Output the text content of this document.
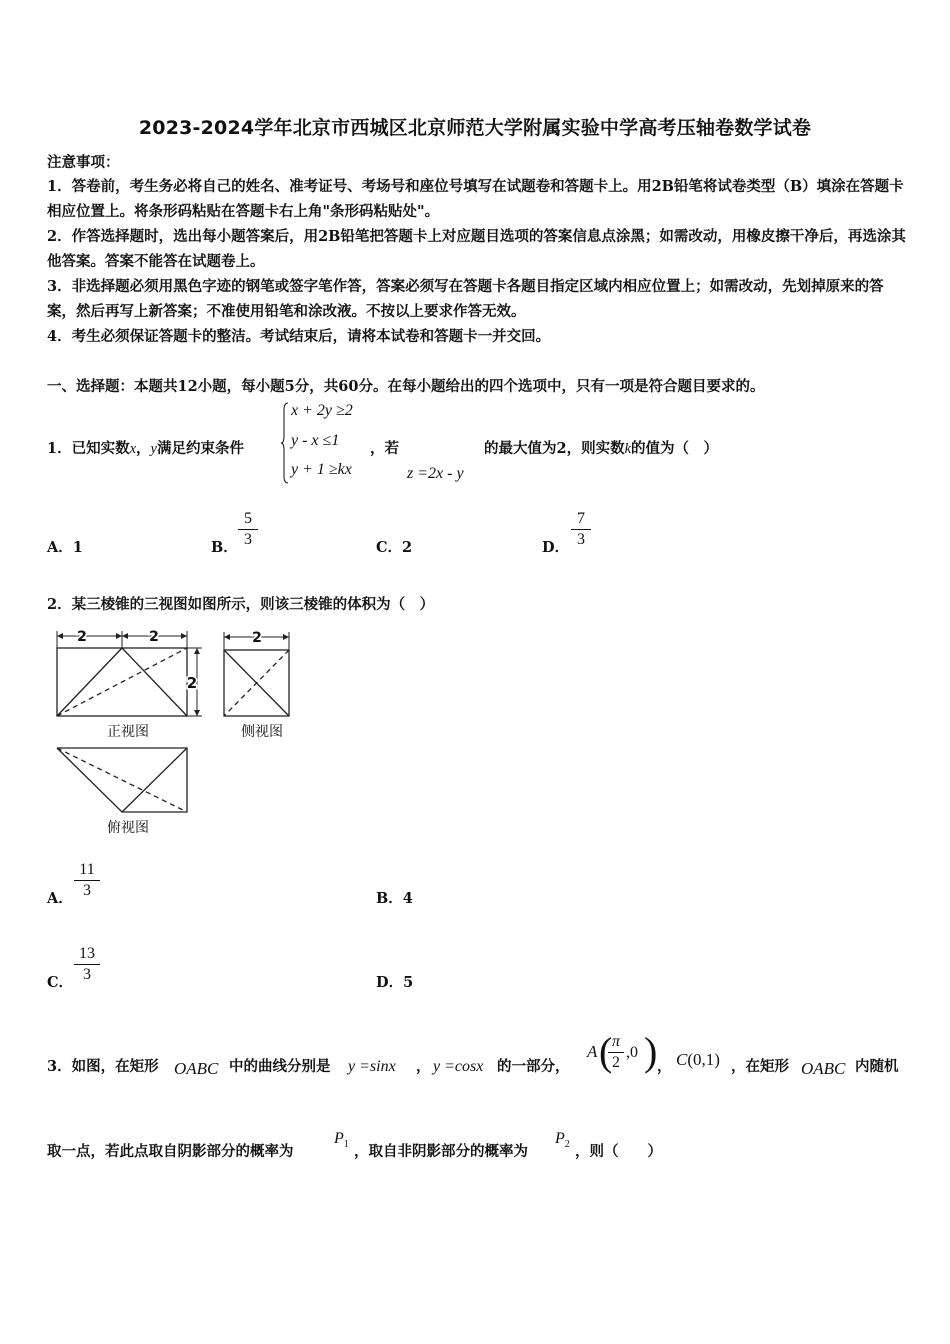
2023-2024学年北京市西城区北京师范大学附属实验中学高考压轴卷数学试卷
注意事项：
1．答卷前，考生务必将自己的姓名、准考证号、考场号和座位号填写在试题卷和答题卡上。用2B铅笔将试卷类型（B）填涂在答题卡相应位置上。将条形码粘贴在答题卡右上角"条形码粘贴处"。
2．作答选择题时，选出每小题答案后，用2B铅笔把答题卡上对应题目选项的答案信息点涂黑；如需改动，用橡皮擦干净后，再选涂其他答案。答案不能答在试题卷上。
3．非选择题必须用黑色字迹的钢笔或签字笔作答，答案必须写在答题卡各题目指定区域内相应位置上；如需改动，先划掉原来的答案，然后再写上新答案；不准使用铅笔和涂改液。不按以上要求作答无效。
4．考生必须保证答题卡的整洁。考试结束后，请将本试卷和答题卡一并交回。
一、选择题：本题共12小题，每小题5分，共60分。在每小题给出的四个选项中，只有一项是符合题目要求的。
1．已知实数x，y满足约束条件
x + 2y ≥2
y - x ≤1
y + 1 ≥kx
，若
z =2x - y
的最大值为2，则实数k的值为（　）
A．1	B．
5
3	C．2	D．
7
3
2．某三棱锥的三视图如图所示，则该三棱锥的体积为（　）
2	2
2
正视图
2
侧视图
俯视图
A．
11
3	B．4
C．
13
3	D．5
3．如图，在矩形 OABC 中的曲线分别是 y =sinx ， y =cosx 的一部分，
A ( π
2
,0 ) ， C(0,1) ，在矩形 OABC 内随机
取一点，若此点取自阴影部分的概率为
$P_1$ ，取自非阴影部分的概率为
$P_2$ ，则（　　）
